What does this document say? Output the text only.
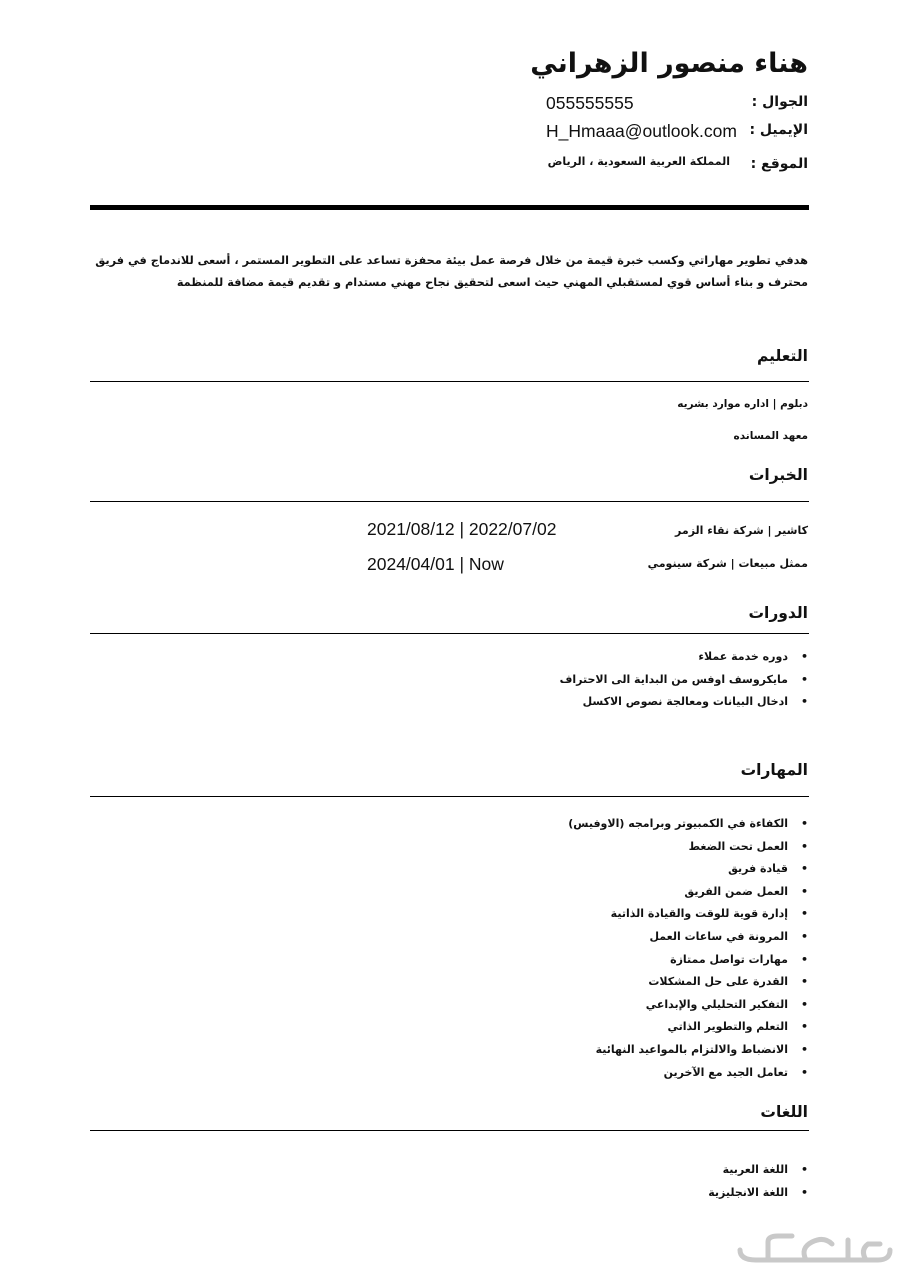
هناء منصور الزهراني
الجوال :
055555555
الإيميل :
H_Hmaaa@outlook.com
الموقع :
المملكة العربية السعودية ، الرياض
هدفي تطوير مهاراتي وكسب خبرة قيمة من خلال فرصة عمل بيئة محفزة تساعد على التطوير المستمر ، أسعى للاندماج في فريق
محترف و بناء أساس قوي لمستقبلي المهني حيث اسعى لتحقيق نجاح مهني مستدام و تقديم قيمة مضافة للمنظمة
التعليم
دبلوم | اداره موارد بشريه
معهد المسانده
الخبرات
كاشير | شركة نقاء الزمر
2021/08/12 | 2022/07/02
ممثل مبيعات | شركة سينومي
2024/04/01 | Now
الدورات
• دوره خدمة عملاء
• مايكروسف اوفس من البداية الى الاحتراف
• ادخال البيانات ومعالجة نصوص الاكسل
المهارات
• الكفاءة في الكمبيوتر وبرامجه (الاوفيس)
• العمل تحت الضغط
• قيادة فريق
• العمل ضمن الفريق
• إدارة قوية للوقت والقيادة الذاتية
• المرونة في ساعات العمل
• مهارات تواصل ممتازة
• القدرة على حل المشكلات
• التفكير التحليلي والإبداعي
• التعلم والتطوير الذاتي
• الانضباط والالتزام بالمواعيد النهائية
• تعامل الجيد مع الآخرين
اللغات
• اللغة العربية
• اللغة الانجليزية
